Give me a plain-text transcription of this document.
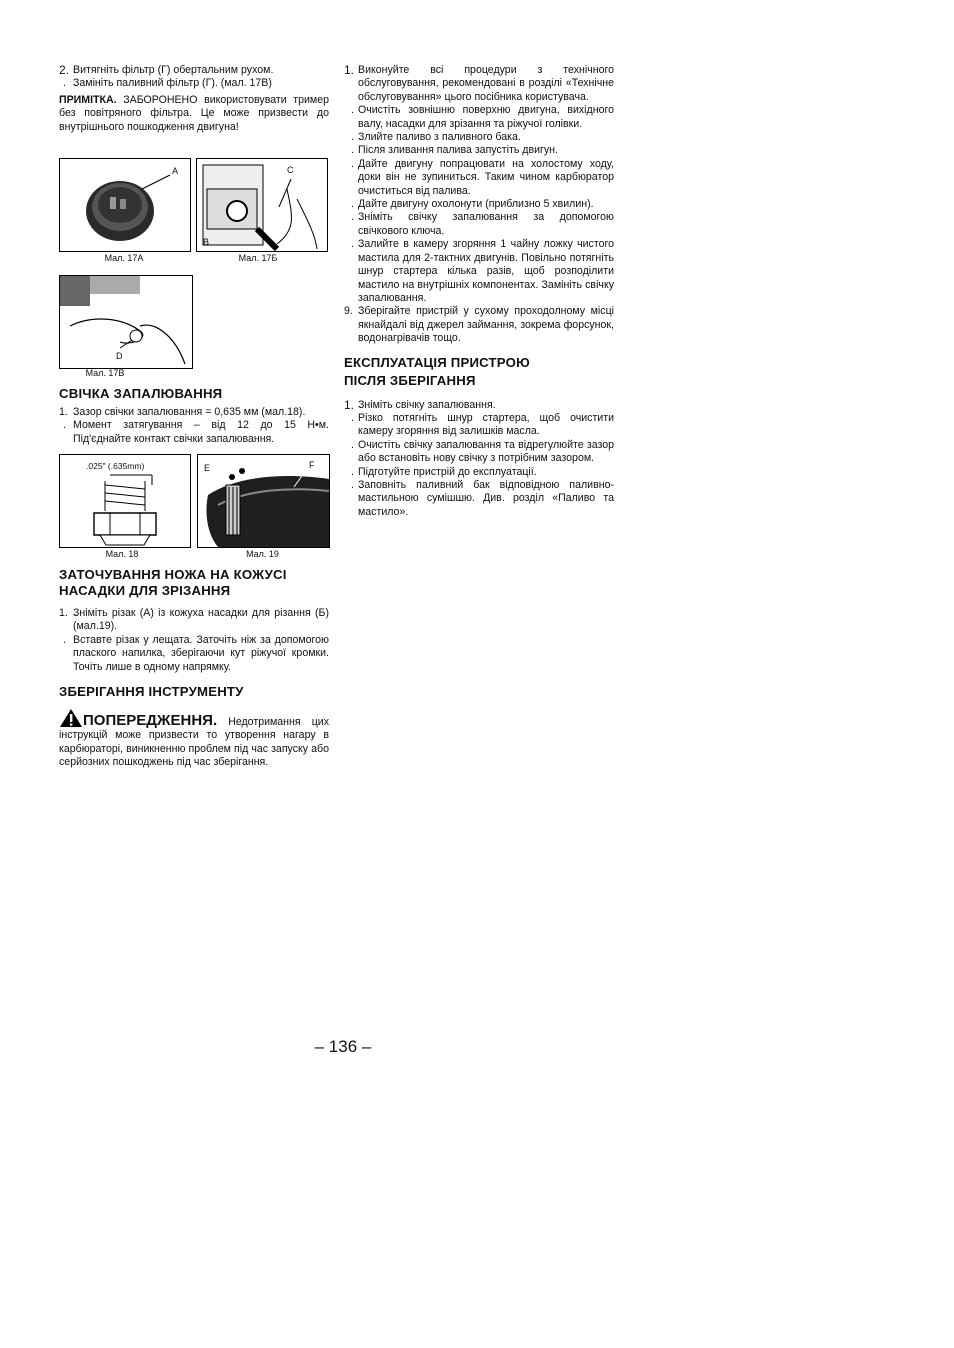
2. Витягніть фільтр (Г) обертальним рухом.
. Замініть паливний фільтр (Г). (мал. 17В)

ПРИМІТКА. ЗАБОРОНЕНО використовувати тример без повітряного фільтра. Це може призвести до внутрішнього пошкодження двигуна!

A
Мал. 17А
C
B
Мал. 17Б
D
Мал. 17В
СВІЧКА ЗАПАЛЮВАННЯ
1. Зазор свічки запалювання = 0,635 мм (мал.18).
. Момент затягування – від 12 до 15 Н•м. Під'єднайте контакт свічки запалювання.
.025" (.635mm)
Мал. 18
E	F
Мал. 19
ЗАТОЧУВАННЯ НОЖА НА КОЖУСІ
НАСАДКИ ДЛЯ ЗРІЗАННЯ
1. Зніміть різак (А) із кожуха насадки для різання (Б) (мал.19).
. Вставте різак у лещата. Заточіть ніж за допомогою плаского напилка, зберігаючи кут ріжучої кромки. Точіть лише в одному напрямку.
ЗБЕРІГАННЯ ІНСТРУМЕНТУ

ПОПЕРЕДЖЕННЯ. Недотримання цих інструкцій може призвести то утворення нагару в карбюраторі, виникненню проблем під час запуску або серйозних пошкоджень під час зберігання.

1. Виконуйте всі процедури з технічного обслуговування, рекомендовані в розділі «Технічне обслуговування» цього посібника користувача.
. Очистіть зовнішню поверхню двигуна, вихідного валу, насадки для зрізання та ріжучої голівки.
. Злийте паливо з паливного бака.
. Після зливання палива запустіть двигун.
. Дайте двигуну попрацювати на холостому ходу, доки він не зупиниться. Таким чином карбюратор очиститься від палива.
. Дайте двигуну охолонути (приблизно 5 хвилин).
. Зніміть свічку запалювання за допомогою свічкового ключа.
. Залийте в камеру згоряння 1 чайну ложку чистого мастила для 2-тактних двигунів. Повільно потягніть шнур стартера кілька разів, щоб розподілити мастило на внутрішніх компонентах. Замініть свічку запалювання.
9. Зберігайте пристрій у сухому проходолному місці якнайдалі від джерел займання, зокрема форсунок, водонагрівачів тощо.
ЕКСПЛУАТАЦІЯ ПРИСТРОЮ
ПІСЛЯ ЗБЕРІГАННЯ
1. Зніміть свічку запалювання.
. Різко потягніть шнур стартера, щоб очистити камеру згоряння від залишків масла.
. Очистіть свічку запалювання та відрегулюйте зазор або встановіть нову свічку з потрібним зазором.
. Підготуйте пристрій до експлуатації.
. Заповніть паливний бак відповідною паливно-мастильною сумішшю. Див. розділ «Паливо та мастило».
– 136 –
